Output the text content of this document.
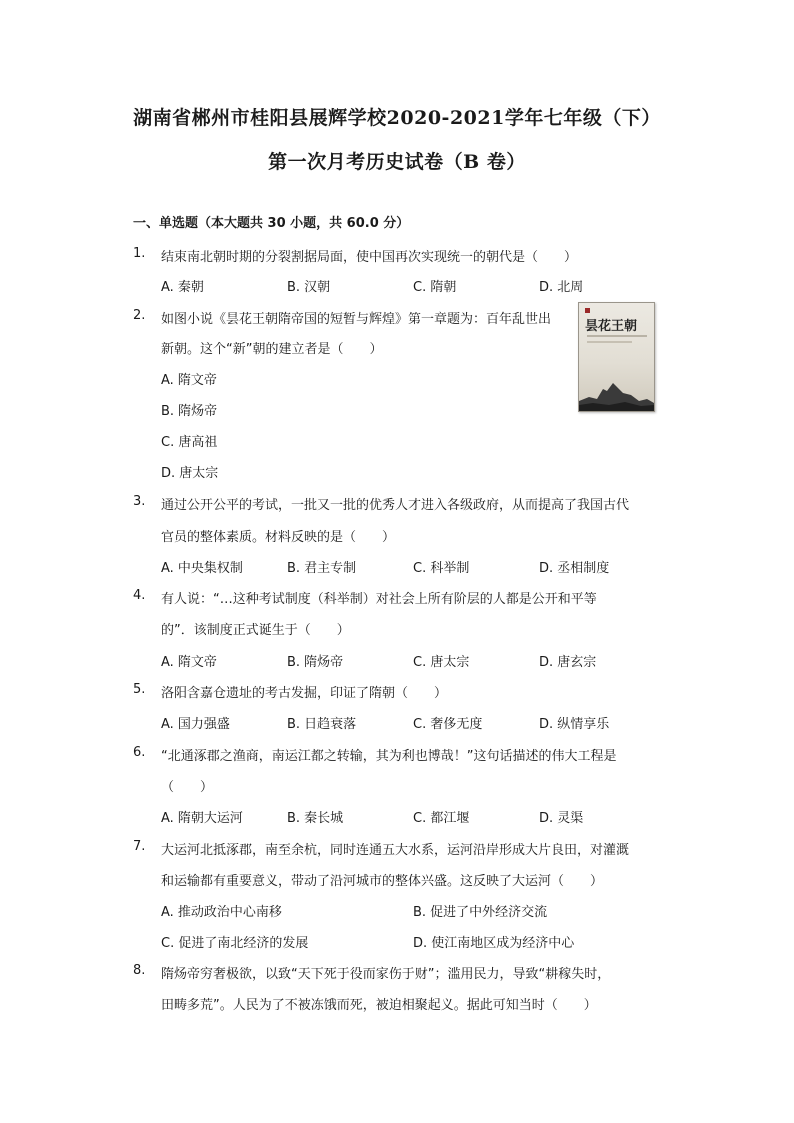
湖南省郴州市桂阳县展辉学校2020-2021学年七年级（下）
第一次月考历史试卷（B 卷）
一、单选题（本大题共 30 小题，共 60.0 分）
1. 结束南北朝时期的分裂割据局面，使中国再次实现统一的朝代是（　　）
A. 秦朝	B. 汉朝	C. 隋朝	D. 北周
2. 如图小说《昙花王朝隋帝国的短暂与辉煌》第一章题为：百年乱世出
新朝。这个“新”朝的建立者是（　　）
A. 隋文帝
B. 隋炀帝
C. 唐高祖
D. 唐太宗
昙花王朝
3. 通过公开公平的考试，一批又一批的优秀人才进入各级政府，从而提高了我国古代
官员的整体素质。材料反映的是（　　）
A. 中央集权制	B. 君主专制	C. 科举制	D. 丞相制度
4. 有人说：“…这种考试制度（科举制）对社会上所有阶层的人都是公开和平等
的”．该制度正式诞生于（　　）
A. 隋文帝	B. 隋炀帝	C. 唐太宗	D. 唐玄宗
5. 洛阳含嘉仓遗址的考古发掘，印证了隋朝（　　）
A. 国力强盛	B. 日趋衰落	C. 奢侈无度	D. 纵情享乐
6. “北通涿郡之渔商，南运江都之转输，其为利也博哉！”这句话描述的伟大工程是
（　　）
A. 隋朝大运河	B. 秦长城	C. 都江堰	D. 灵渠
7. 大运河北抵涿郡，南至余杭，同时连通五大水系，运河沿岸形成大片良田，对灌溉
和运输都有重要意义，带动了沿河城市的整体兴盛。这反映了大运河（　　）
A. 推动政治中心南移	B. 促进了中外经济交流
C. 促进了南北经济的发展	D. 使江南地区成为经济中心
8. 隋炀帝穷奢极欲，以致“天下死于役而家伤于财”；滥用民力，导致“耕稼失时，
田畴多荒”。人民为了不被冻饿而死，被迫相聚起义。据此可知当时（　　）
